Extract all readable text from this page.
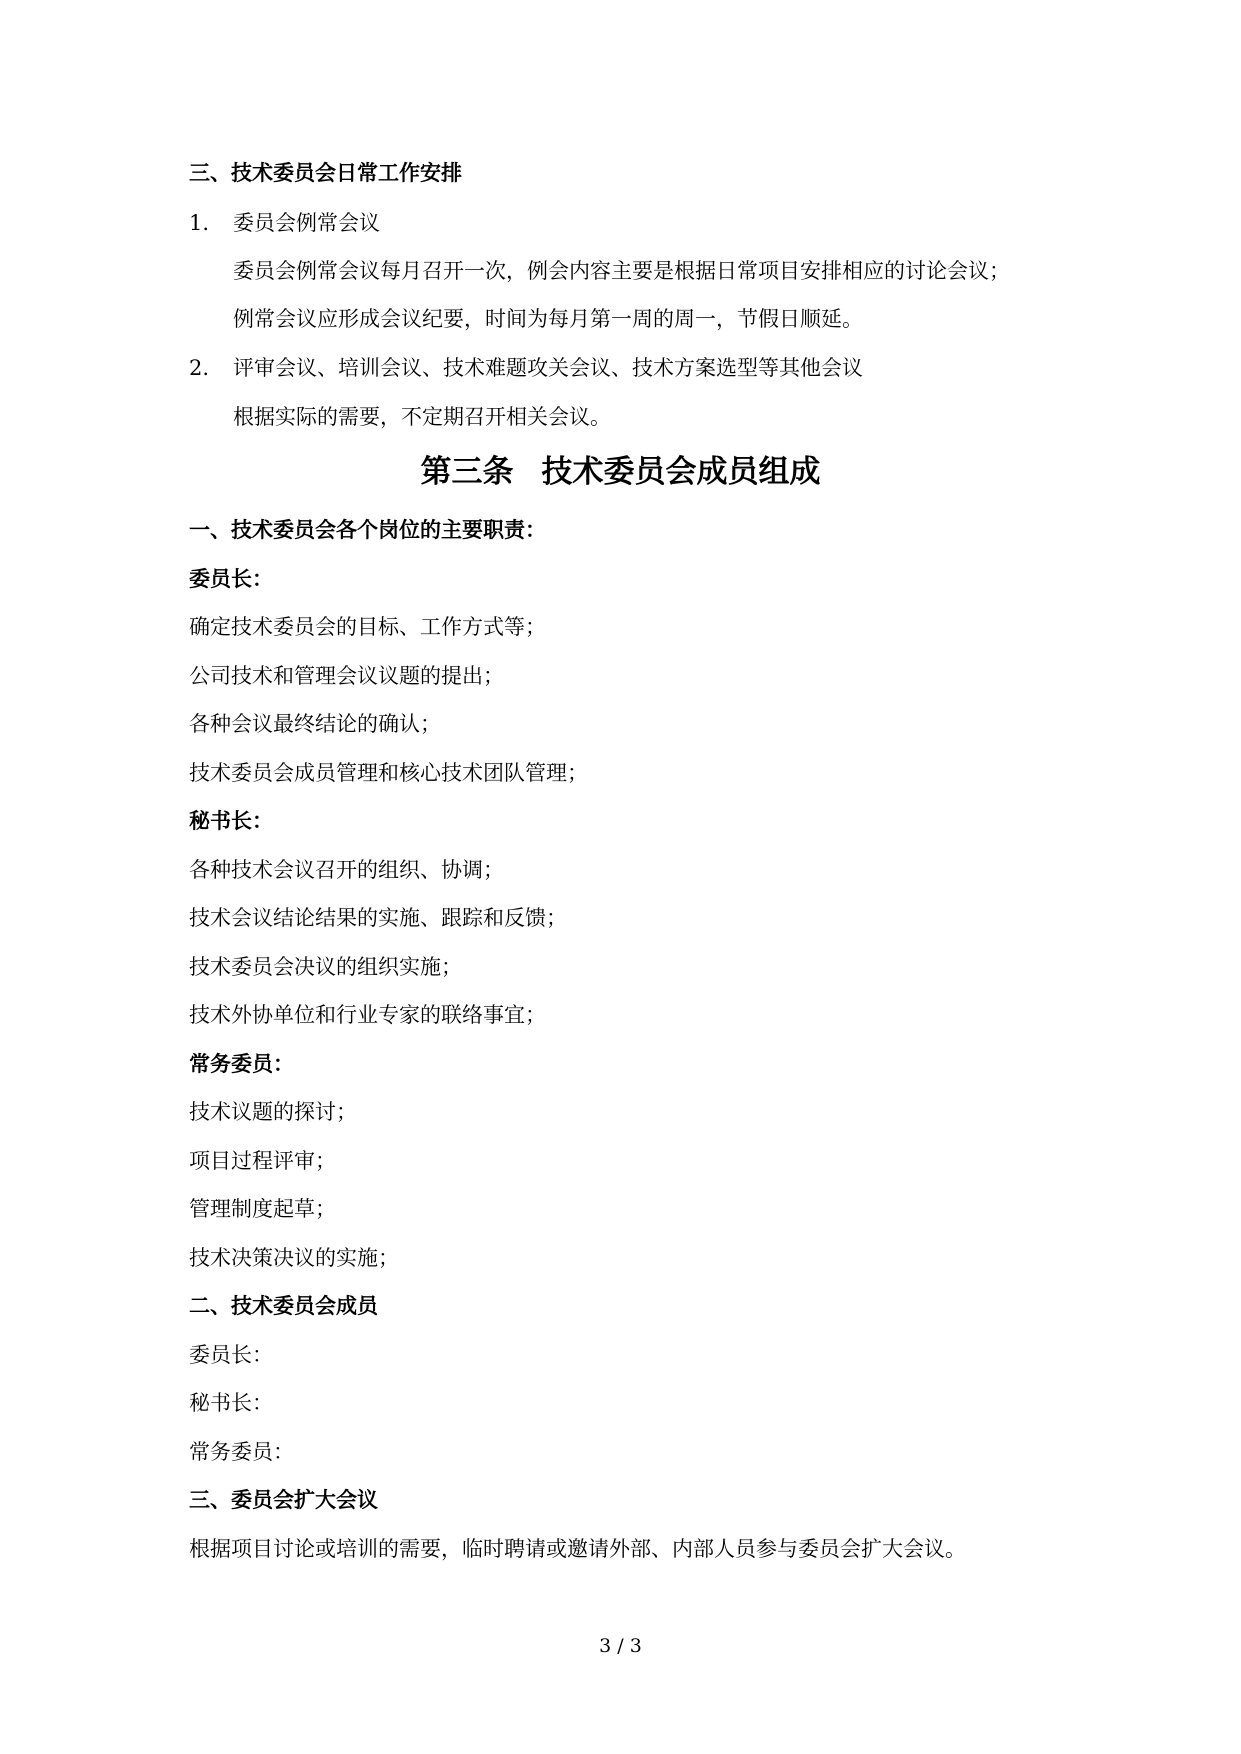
三、技术委员会日常工作安排

1. 委员会例常会议

委员会例常会议每月召开一次，例会内容主要是根据日常项目安排相应的讨论会议；

例常会议应形成会议纪要，时间为每月第一周的周一，节假日顺延。

2. 评审会议、培训会议、技术难题攻关会议、技术方案选型等其他会议

根据实际的需要，不定期召开相关会议。

第三条 技术委员会成员组成

一、技术委员会各个岗位的主要职责：

委员长：

确定技术委员会的目标、工作方式等；

公司技术和管理会议议题的提出；

各种会议最终结论的确认；

技术委员会成员管理和核心技术团队管理；

秘书长：

各种技术会议召开的组织、协调；

技术会议结论结果的实施、跟踪和反馈；

技术委员会决议的组织实施；

技术外协单位和行业专家的联络事宜；

常务委员：

技术议题的探讨；

项目过程评审；

管理制度起草；

技术决策决议的实施；

二、技术委员会成员

委员长：

秘书长：

常务委员：

三、委员会扩大会议

根据项目讨论或培训的需要，临时聘请或邀请外部、内部人员参与委员会扩大会议。

3 / 3
